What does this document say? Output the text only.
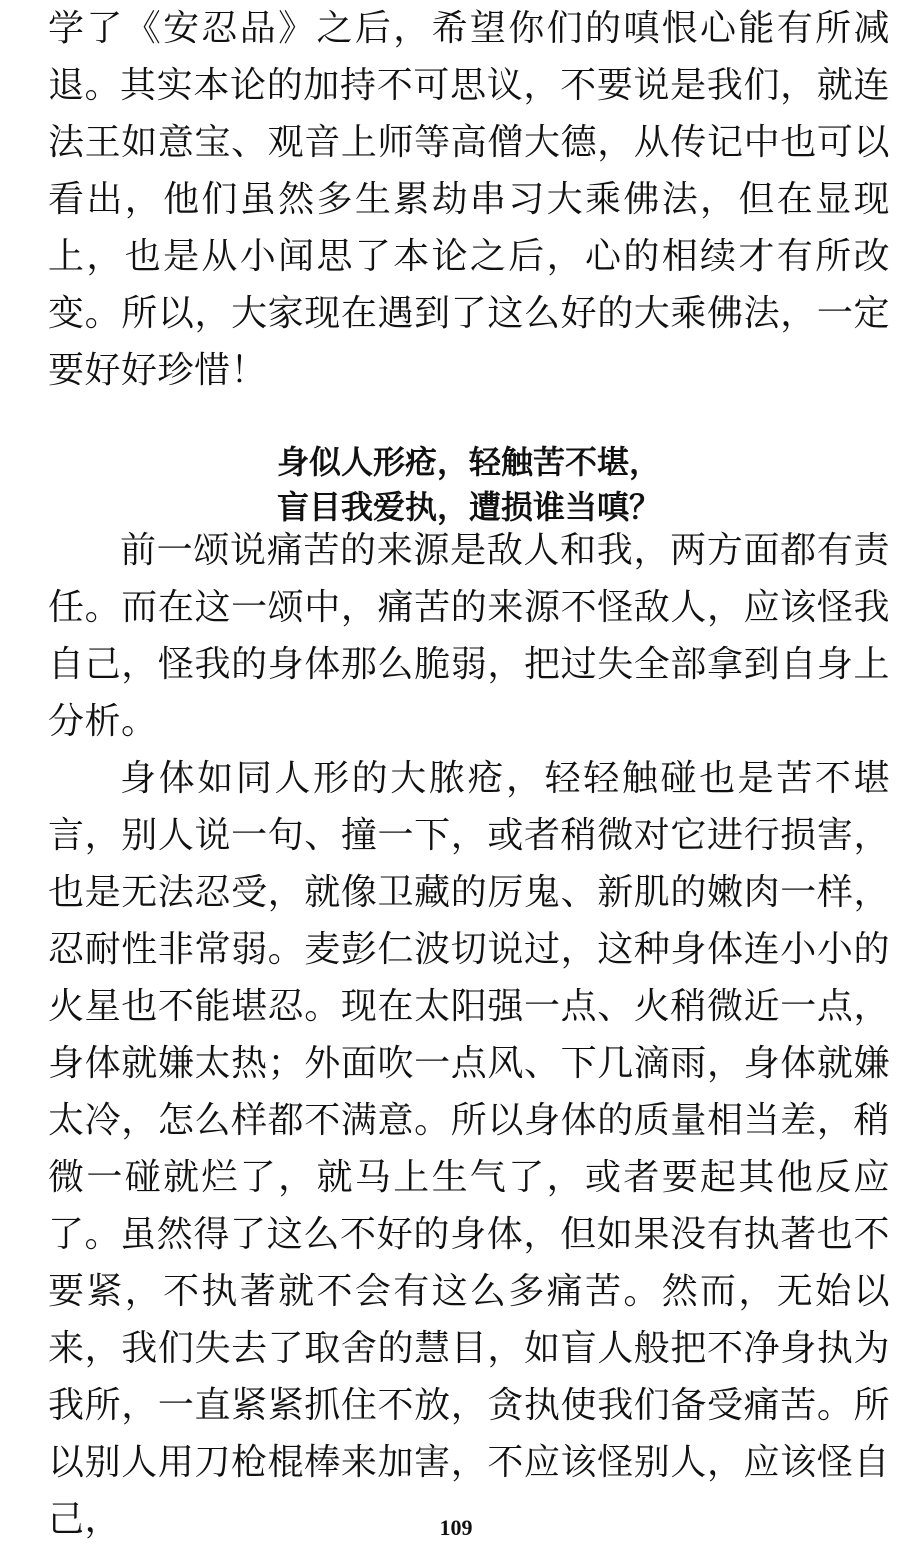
学了《安忍品》之后，希望你们的嗔恨心能有所减退。

其实本论的加持不可思议，不要说是我们，就连法王如意宝、观音上师等高僧大德，从传记中也可以看出，他们虽然多生累劫串习大乘佛法，但在显现上，也是从小闻思了本论之后，心的相续才有所改变。所以，大家现在遇到了这么好的大乘佛法，一定要好好珍惜！

身似人形疮，轻触苦不堪，
盲目我爱执，遭损谁当嗔？

前一颂说痛苦的来源是敌人和我，两方面都有责任。而在这一颂中，痛苦的来源不怪敌人，应该怪我自己，怪我的身体那么脆弱，把过失全部拿到自身上分析。

身体如同人形的大脓疮，轻轻触碰也是苦不堪言，别人说一句、撞一下，或者稍微对它进行损害，也是无法忍受，就像卫藏的厉鬼、新肌的嫩肉一样，忍耐性非常弱。麦彭仁波切说过，这种身体连小小的火星也不能堪忍。现在太阳强一点、火稍微近一点，身体就嫌太热；外面吹一点风、下几滴雨，身体就嫌太冷，怎么样都不满意。所以身体的质量相当差，稍微一碰就烂了，就马上生气了，或者要起其他反应了。

虽然得了这么不好的身体，但如果没有执著也不要紧，不执著就不会有这么多痛苦。然而，无始以来，我们失去了取舍的慧目，如盲人般把不净身执为我所，一直紧紧抓住不放，贪执使我们备受痛苦。所以别人用刀枪棍棒来加害，不应该怪别人，应该怪自己，	109
